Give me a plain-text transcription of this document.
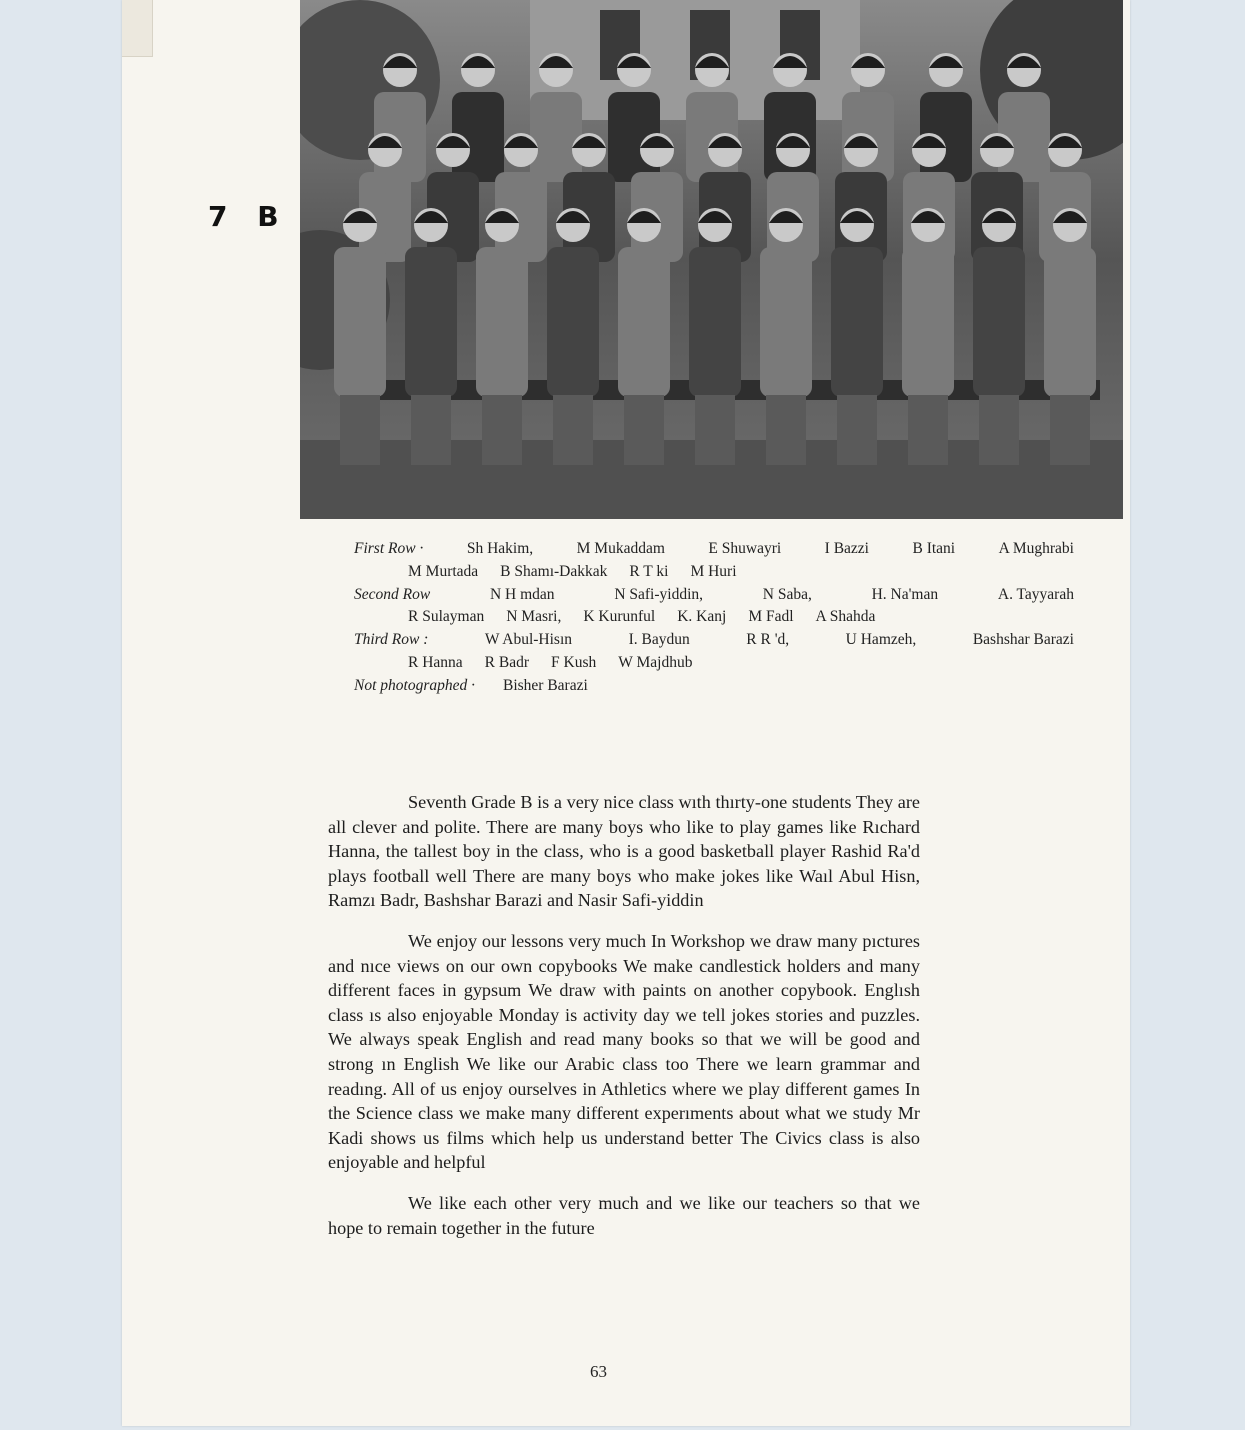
7 B
First Row ·	Sh Hakim,	M Mukaddam	E Shuwayri	I Bazzi	B Itani	A Mughrabi
M Murtada B Shamı-Dakkak R T ki M Huri
Second Row	N H mdan	N Safi-yiddin,	N Saba,	H. Na'man	A. Tayyarah
R Sulayman N Masri, K Kurunful K. Kanj M Fadl A Shahda
Third Row :	W Abul-Hisın	I. Baydun	R R 'd,	U Hamzeh,	Bashshar Barazi
R Hanna R Badr F Kush W Majdhub
Not photographed · Bisher Barazi

Seventh Grade B is a very nice class wıth thırty-one students They are all clever and polite. There are many boys who like to play games like Rıchard Hanna, the tallest boy in the class, who is a good basketball player Rashid Ra'd plays football well There are many boys who make jokes like Waıl Abul Hisn, Ramzı Badr, Bashshar Barazi and Nasir Safi-yiddin

We enjoy our lessons very much In Workshop we draw many pıctures and nıce views on our own copybooks We make candlestick holders and many different faces in gypsum We draw with paints on another copybook. Englısh class ıs also enjoyable Monday is activity day we tell jokes stories and puzzles. We always speak English and read many books so that we will be good and strong ın English We like our Arabic class too There we learn grammar and readıng. All of us enjoy ourselves in Athletics where we play different games In the Science class we make many different experıments about what we study Mr Kadi shows us films which help us understand better The Civics class is also enjoyable and helpful

We like each other very much and we like our teachers so that we hope to remain together in the future

63
